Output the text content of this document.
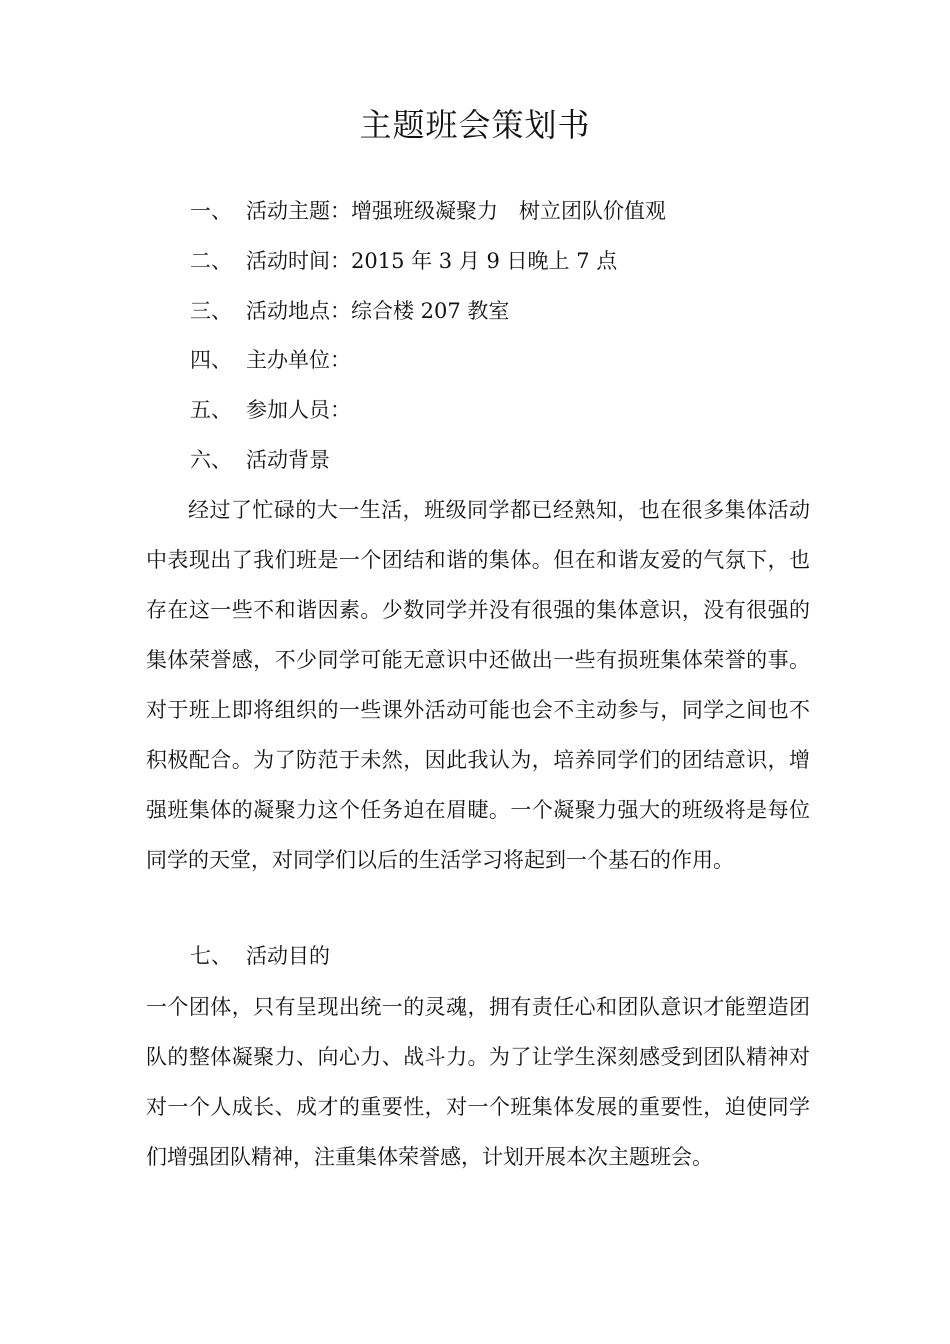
主题班会策划书
一、 活动主题：增强班级凝聚力　树立团队价值观
二、 活动时间：2015 年 3 月 9 日晚上 7 点
三、 活动地点：综合楼 207 教室
四、 主办单位：
五、 参加人员：
六、 活动背景

经过了忙碌的大一生活，班级同学都已经熟知，也在很多集体活动中表现出了我们班是一个团结和谐的集体。但在和谐友爱的气氛下，也存在这一些不和谐因素。少数同学并没有很强的集体意识，没有很强的集体荣誉感，不少同学可能无意识中还做出一些有损班集体荣誉的事。对于班上即将组织的一些课外活动可能也会不主动参与，同学之间也不积极配合。为了防范于未然，因此我认为，培养同学们的团结意识，增强班集体的凝聚力这个任务迫在眉睫。一个凝聚力强大的班级将是每位同学的天堂，对同学们以后的生活学习将起到一个基石的作用。

七、 活动目的

一个团体，只有呈现出统一的灵魂，拥有责任心和团队意识才能塑造团队的整体凝聚力、向心力、战斗力。为了让学生深刻感受到团队精神对对一个人成长、成才的重要性，对一个班集体发展的重要性，迫使同学们增强团队精神，注重集体荣誉感，计划开展本次主题班会。
